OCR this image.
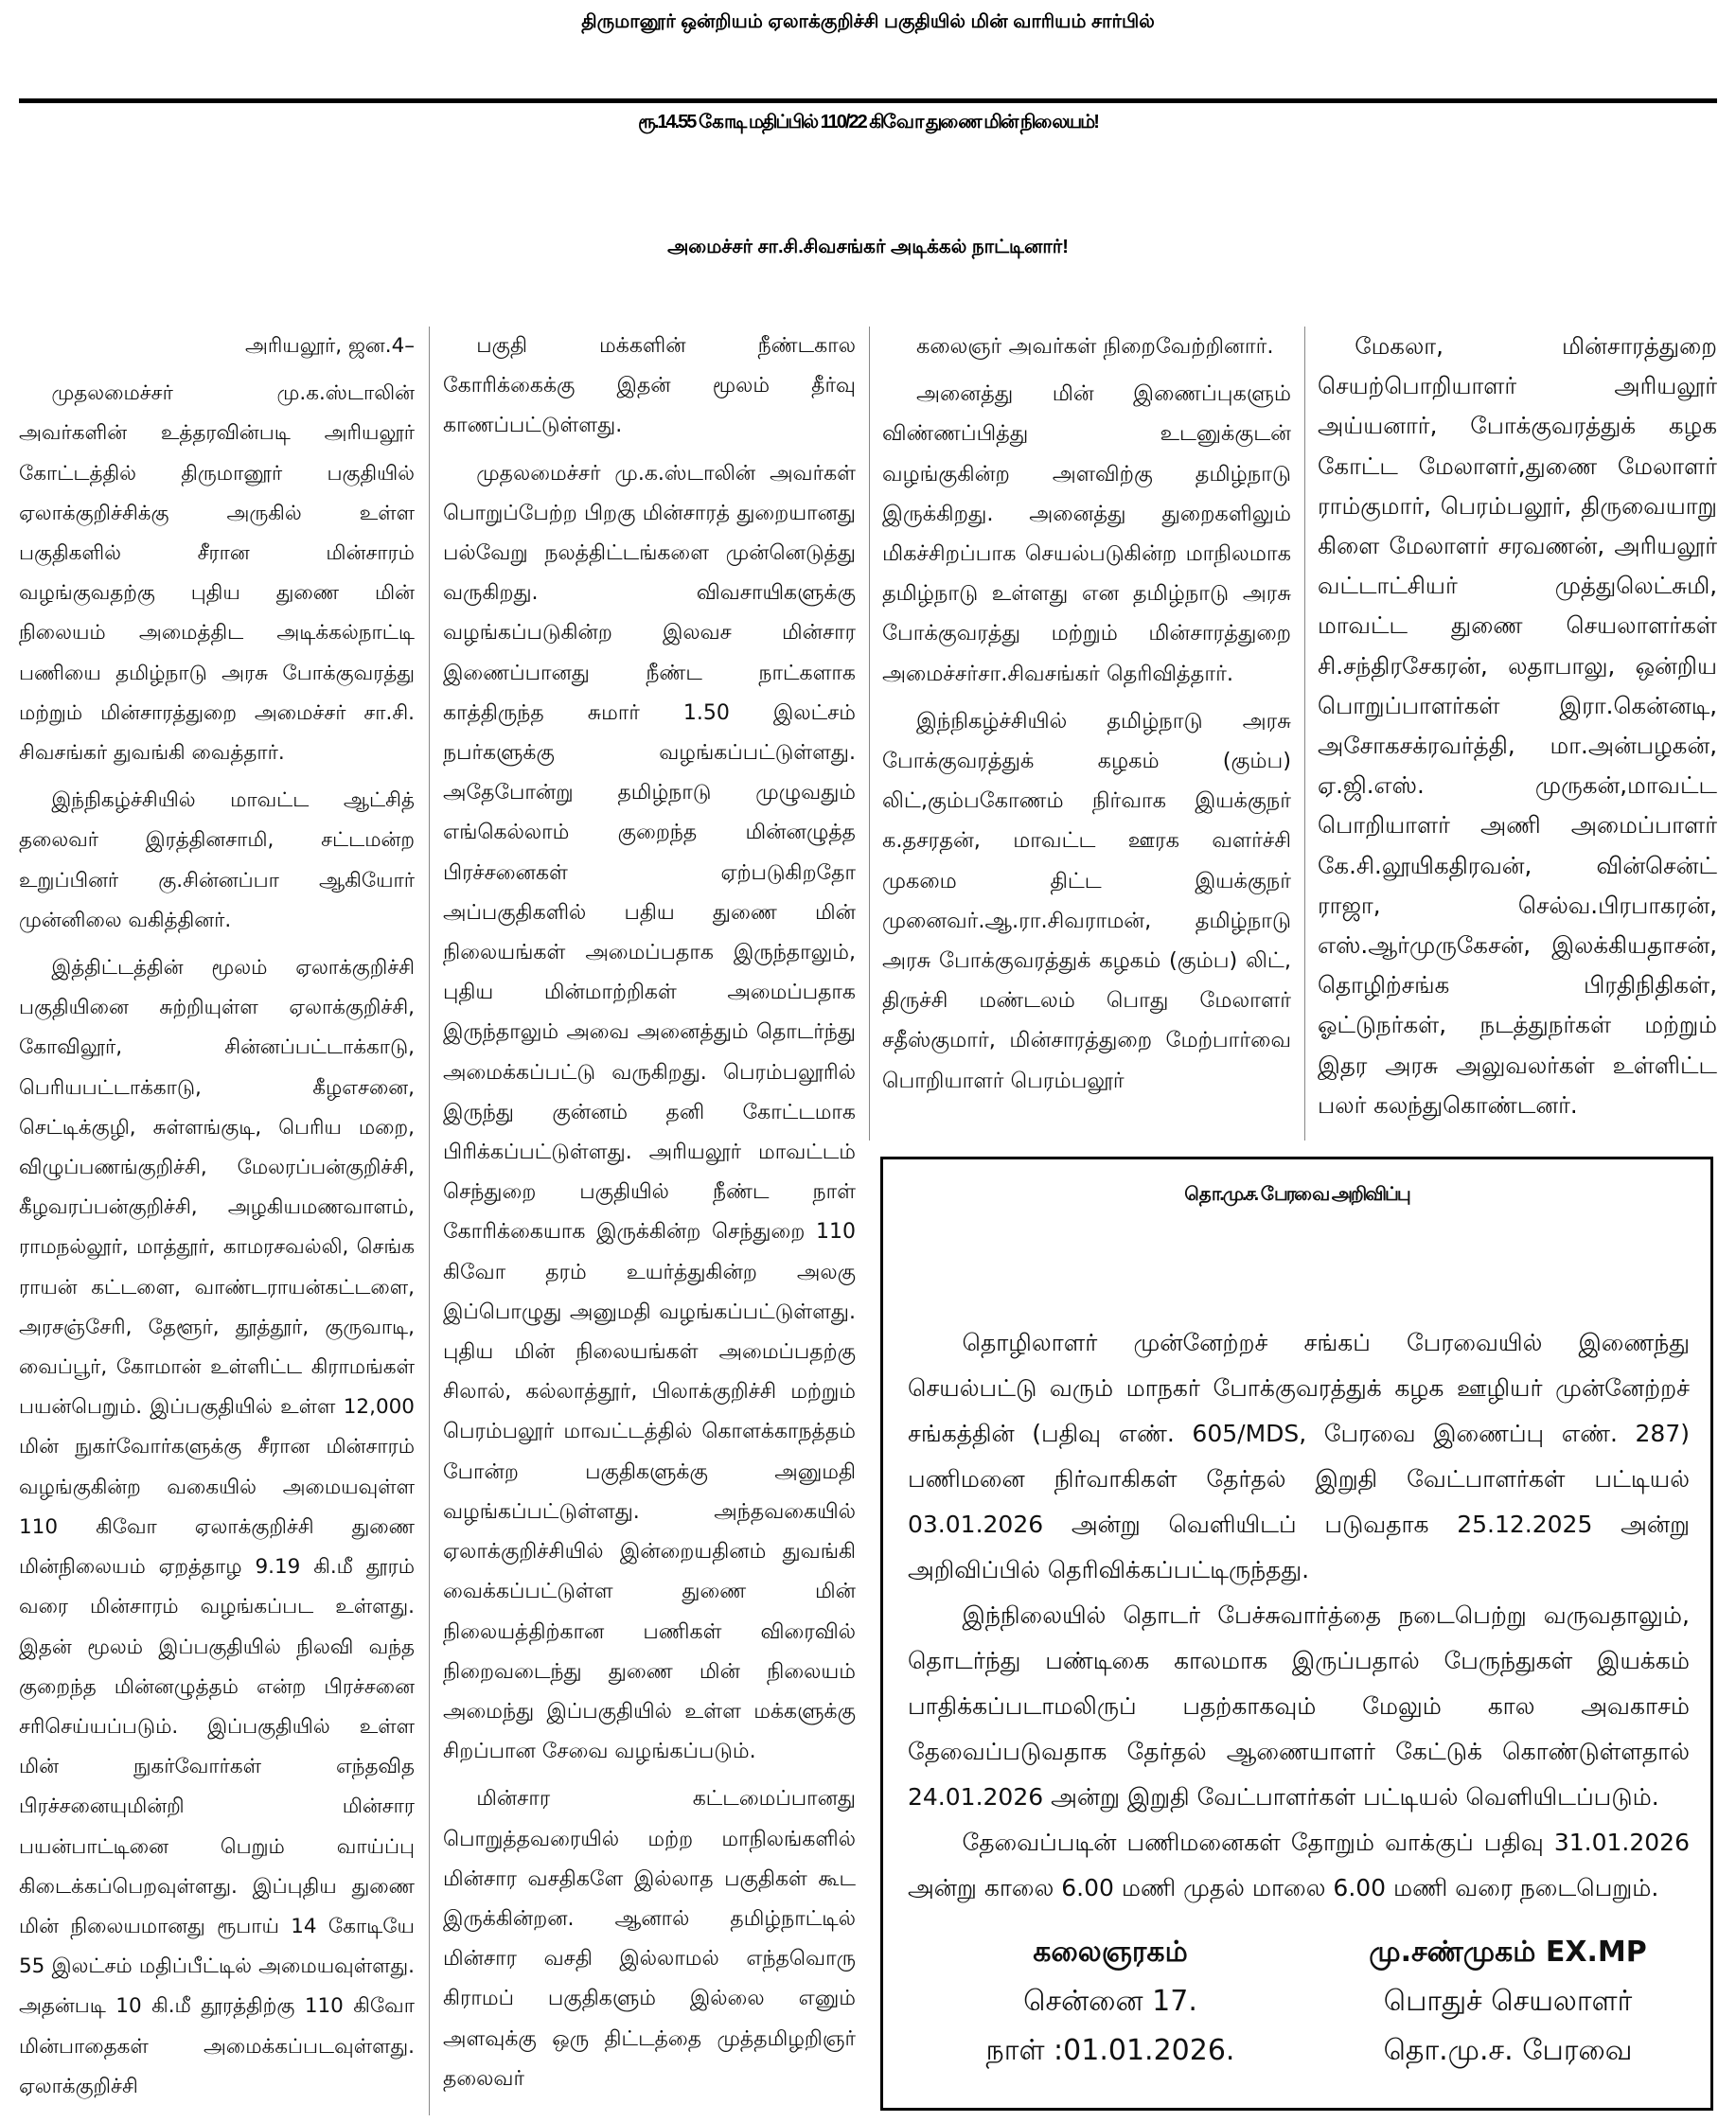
திருமானூர் ஒன்றியம் ஏலாக்குறிச்சி பகுதியில் மின் வாரியம் சார்பில்
ரூ.14.55 கோடி மதிப்பில் 110/22 கிவோ துணை மின் நிலையம்!
அமைச்சர் சா.சி.சிவசங்கர் அடிக்கல் நாட்டினார்!

அரியலூர், ஜன.4–

முதலமைச்சர் மு.க.ஸ்டாலின் அவர்களின் உத்தரவின்படி அரியலூர் கோட்டத்தில் திருமானூர் பகுதியில் ஏலாக்குறிச்சிக்கு அருகில் உள்ள பகுதிகளில் சீரான மின்சாரம் வழங்குவதற்கு புதிய துணை மின் நிலையம் அமைத்திட அடிக்கல்நாட்டி பணியை தமிழ்நாடு அரசு போக்குவரத்து மற்றும் மின்சாரத்துறை அமைச்சர் சா.சி. சிவசங்கர் துவங்கி வைத்தார்.

இந்நிகழ்ச்சியில் மாவட்ட ஆட்சித் தலைவர் இரத்தினசாமி, சட்டமன்ற உறுப்பினர் கு.சின்னப்பா ஆகியோர் முன்னிலை வகித்தினர்.

இத்திட்டத்தின் மூலம் ஏலாக்குறிச்சி பகுதியினை சுற்றியுள்ள ஏலாக்குறிச்சி, கோவிலூர், சின்னப்பட்டாக்காடு, பெரியபட்டாக்காடு, கீழஎசனை, செட்டிக்குழி, சுள்ளங்குடி, பெரிய மறை, விழுப்பணங்குறிச்சி, மேலரப்பன்குறிச்சி, கீழவரப்பன்குறிச்சி, அழகியமணவாளம், ராமநல்லூர், மாத்தூர், காமரசவல்லி, செங்க ராயன் கட்டளை, வாண்டராயன்கட்டளை, அரசஞ்சேரி, தேளூர், தூத்தூர், குருவாடி, வைப்பூர், கோமான் உள்ளிட்ட கிராமங்கள் பயன்பெறும். இப்பகுதியில் உள்ள 12,000 மின் நுகர்வோர்களுக்கு சீரான மின்சாரம் வழங்குகின்ற வகையில் அமையவுள்ள 110 கிவோ ஏலாக்குறிச்சி துணை மின்நிலையம் ஏறத்தாழ 9.19 கி.மீ தூரம் வரை மின்சாரம் வழங்கப்பட உள்ளது. இதன் மூலம் இப்பகுதியில் நிலவி வந்த குறைந்த மின்னழுத்தம் என்ற பிரச்சனை சரிசெய்யப்படும். இப்பகுதியில் உள்ள மின் நுகர்வோர்கள் எந்தவித பிரச்சனையுமின்றி மின்சார பயன்பாட்டினை பெறும் வாய்ப்பு கிடைக்கப்பெறவுள்ளது. இப்புதிய துணை மின் நிலையமானது ரூபாய் 14 கோடியே 55 இலட்சம் மதிப்பீட்டில் அமையவுள்ளது. அதன்படி 10 கி.மீ தூரத்திற்கு 110 கிவோ மின்பாதைகள் அமைக்கப்படவுள்ளது. ஏலாக்குறிச்சி

பகுதி மக்களின் நீண்டகால கோரிக்கைக்கு இதன் மூலம் தீர்வு காணப்பட்டுள்ளது.

முதலமைச்சர் மு.க.ஸ்டாலின் அவர்கள் பொறுப்பேற்ற பிறகு மின்சாரத் துறையானது பல்வேறு நலத்திட்டங்களை முன்னெடுத்து வருகிறது. விவசாயிகளுக்கு வழங்கப்படுகின்ற இலவச மின்சார இணைப்பானது நீண்ட நாட்களாக காத்திருந்த சுமார் 1.50 இலட்சம் நபர்களுக்கு வழங்கப்பட்டுள்ளது. அதேபோன்று தமிழ்நாடு முழுவதும் எங்கெல்லாம் குறைந்த மின்னழுத்த பிரச்சனைகள் ஏற்படுகிறதோ அப்பகுதிகளில் பதிய துணை மின் நிலையங்கள் அமைப்பதாக இருந்தாலும், புதிய மின்மாற்றிகள் அமைப்பதாக இருந்தாலும் அவை அனைத்தும் தொடர்ந்து அமைக்கப்பட்டு வருகிறது. பெரம்பலூரில் இருந்து குன்னம் தனி கோட்டமாக பிரிக்கப்பட்டுள்ளது. அரியலூர் மாவட்டம் செந்துறை பகுதியில் நீண்ட நாள் கோரிக்கையாக இருக்கின்ற செந்துறை 110 கிவோ தரம் உயர்த்துகின்ற அலகு இப்பொழுது அனுமதி வழங்கப்பட்டுள்ளது. புதிய மின் நிலையங்கள் அமைப்பதற்கு சிலால், கல்லாத்தூர், பிலாக்குறிச்சி மற்றும் பெரம்பலூர் மாவட்டத்தில் கொளக்காநத்தம் போன்ற பகுதிகளுக்கு அனுமதி வழங்கப்பட்டுள்ளது. அந்தவகையில் ஏலாக்குறிச்சியில் இன்றையதினம் துவங்கி வைக்கப்பட்டுள்ள துணை மின் நிலையத்திற்கான பணிகள் விரைவில் நிறைவடைந்து துணை மின் நிலையம் அமைந்து இப்பகுதியில் உள்ள மக்களுக்கு சிறப்பான சேவை வழங்கப்படும்.

மின்சார கட்டமைப்பானது பொறுத்தவரையில் மற்ற மாநிலங்களில் மின்சார வசதிகளே இல்லாத பகுதிகள் கூட இருக்கின்றன. ஆனால் தமிழ்நாட்டில் மின்சார வசதி இல்லாமல் எந்தவொரு கிராமப் பகுதிகளும் இல்லை எனும் அளவுக்கு ஒரு திட்டத்தை முத்தமிழறிஞர் தலைவர்

கலைஞர் அவர்கள் நிறைவேற்றினார்.

அனைத்து மின் இணைப்புகளும் விண்ணப்பித்து உடனுக்குடன் வழங்குகின்ற அளவிற்கு தமிழ்நாடு இருக்கிறது. அனைத்து துறைகளிலும் மிகச்சிறப்பாக செயல்படுகின்ற மாநிலமாக தமிழ்நாடு உள்ளது என தமிழ்நாடு அரசு போக்குவரத்து மற்றும் மின்சாரத்துறை அமைச்சர்சா.சிவசங்கர் தெரிவித்தார்.

இந்நிகழ்ச்சியில் தமிழ்நாடு அரசு போக்குவரத்துக் கழகம் (கும்ப) லிட்,கும்பகோணம் நிர்வாக இயக்குநர் க.தசரதன், மாவட்ட ஊரக வளர்ச்சி முகமை திட்ட இயக்குநர் முனைவர்.ஆ.ரா.சிவராமன், தமிழ்நாடு அரசு போக்குவரத்துக் கழகம் (கும்ப) லிட், திருச்சி மண்டலம் பொது மேலாளர் சதீஸ்குமார், மின்சாரத்துறை மேற்பார்வை பொறியாளர் பெரம்பலூர்

மேகலா, மின்சாரத்துறை செயற்பொறியாளர் அரியலூர் அய்யனார், போக்குவரத்துக் கழக கோட்ட மேலாளர்,துணை மேலாளர் ராம்குமார், பெரம்பலூர், திருவையாறு கிளை மேலாளர் சரவணன், அரியலூர் வட்டாட்சியர் முத்துலெட்சுமி, மாவட்ட துணை செயலாளர்கள் சி.சந்திரசேகரன், லதாபாலு, ஒன்றிய பொறுப்பாளர்கள் இரா.கென்னடி, அசோகசக்ரவர்த்தி, மா.அன்பழகன், ஏ.ஜி.எஸ். முருகன்,மாவட்ட பொறியாளர் அணி அமைப்பாளர் கே.சி.லூயிகதிரவன், வின்சென்ட் ராஜா, செல்வ.பிரபாகரன், எஸ்.ஆர்முருகேசன், இலக்கியதாசன், தொழிற்சங்க பிரதிநிதிகள், ஓட்டுநர்கள், நடத்துநர்கள் மற்றும் இதர அரசு அலுவலர்கள் உள்ளிட்ட பலர் கலந்துகொண்டனர்.

தொ.மு.ச. பேரவை அறிவிப்பு

தொழிலாளர் முன்னேற்றச் சங்கப் பேரவையில் இணைந்து செயல்பட்டு வரும் மாநகர் போக்குவரத்துக் கழக ஊழியர் முன்னேற்றச் சங்கத்தின் (பதிவு எண். 605/MDS, பேரவை இணைப்பு எண். 287) பணிமனை நிர்வாகிகள் தேர்தல் இறுதி வேட்பாளர்கள் பட்டியல் 03.01.2026 அன்று வெளியிடப் படுவதாக 25.12.2025 அன்று அறிவிப்பில் தெரிவிக்கப்பட்டிருந்தது.

இந்நிலையில் தொடர் பேச்சுவார்த்தை நடைபெற்று வருவதாலும், தொடர்ந்து பண்டிகை காலமாக இருப்பதால் பேருந்துகள் இயக்கம் பாதிக்கப்படாமலிருப் பதற்காகவும் மேலும் கால அவகாசம் தேவைப்படுவதாக தேர்தல் ஆணையாளர் கேட்டுக் கொண்டுள்ளதால் 24.01.2026 அன்று இறுதி வேட்பாளர்கள் பட்டியல் வெளியிடப்படும்.

தேவைப்படின் பணிமனைகள் தோறும் வாக்குப் பதிவு 31.01.2026 அன்று காலை 6.00 மணி முதல் மாலை 6.00 மணி வரை நடைபெறும்.

கலைஞரகம்
சென்னை 17.
நாள் :01.01.2026.
மு.சண்முகம் EX.MP
பொதுச் செயலாளர்
தொ.மு.ச. பேரவை
